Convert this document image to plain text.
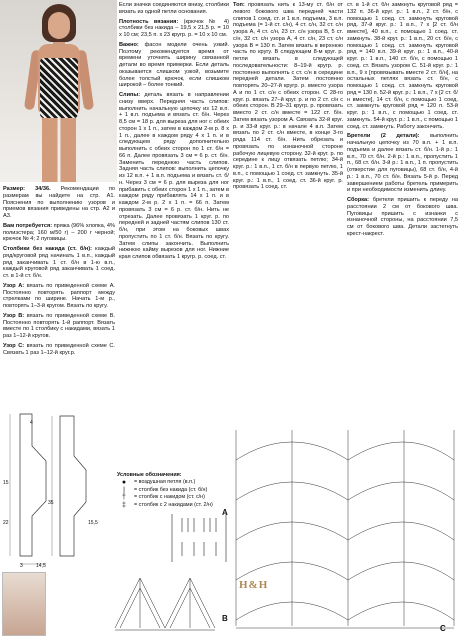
Размер: 34/36. Рекомендации по размерам вы найдете на стр. А1. Пояснения по выполнению узоров и приемов вязания приведены на стр. А2 и А3.

Вам потребуется: пряжа (96% хлопка, 4% полиэстера; 160 м/50 г) – 200 г черной; крючок № 4; 2 пуговицы.

Столбики без накида (ст. б/н): каждый ряд/круговой ряд начинать 1 в.п., каждый ряд заканчивать 1 ст. б/н в 1-ю в.п., каждый круговой ряд заканчивать 1 соед. ст. в 1-й ст. б/н.

Узор А: вязать по приведенной схеме А. Постоянно повторять раппорт между стрелками по ширине. Начать 1-м р., повторять 1–3-й кругом. Вязать по кругу.

Узор В: вязать по приведенной схеме В. Постоянно повторять 1-й раппорт. Вязать вместе по 1 столбику с накидами, вязать 1 раз 1–12-й кругов.

Узор С: вязать по приведенной схеме С. Связать 1 раз 1–12-й круг.р.

Если значки соединяются внизу, столбики вязать из одной петли основания.

Плотность вязания: (крючок № 4) столбики без накида – 19,5 х 21,5 р. = 10 х 10 см; 23,5 п. х 23 кругр. р. = 10 х 10 см.

Важно: фасон модели очень узкий. Поэтому рекомендуется время от времени уточнять ширину связанной детали во время примерки. Если деталь оказывается слишком узкой, возьмите более толстый крючок, если слишком широкой – более тонкий.

Слипы: деталь вязать в направлении снизу вверх. Передняя часть слипов: выполнить начальную цепочку из 12 в.п. + 1 в.п. подъема и вязать ст. б/н. Через 8,5 см = 18 р. для выреза для ног с обеих сторон 1 х 1 п., затем в каждом 2-м р. 8 х 1 п., далее в каждом ряду 4 х 1 п. и в следующем ряду дополнительно выполнить с обеих сторон по 1 ст. б/н = 66 п. Далее провязать 3 см = 6 р. ст. б/н. Заменить переднюю часть слипов. Задняя часть слипов: выполнить цепочку из 12 в.п. + 1 в.п. подъема и вязать ст. б/н. Через 3 см = 6 р. для выреза для ног прибавить с обеих сторон 1 х 1 п., затем в каждом ряду прибавлять 14 х 1 п. и в каждом 2-м р. 2 х 1 п. = 66 п. Затем провязать 3 см = 6 р. ст. б/н. Нить не отрезать. Далее провязать 1 круг. р. по передней и задней частям слипов 130 ст. б/н, при этом на боковых швах пропустить по 1 ст. б/н. Вязать по кругу. Затем слипы закончить. Выполнить нижнюю кайму вырезов для ног. Нижние края слипов обвязать 1 кругр. р. соед. ст.

Топ: провязать нить к 13-му ст. б/н от левого бокового шва передней части слипов 1 соед. ст. и 1 в.п. подъема, 3 в.п. подъема (= 1-й ст. с/н), 4 ст. с/н, 32 ст. с/н узора А, 4 ст. с/н, 23 ст. с/н узора В, 5 ст. с/н, 32 ст. с/н узора А, 4 ст. с/н, 23 ст. с/н узора В = 130 п. Затем вязать в верхнюю часть по кругу. В следующем 8-м круг. р. петли вязать в следующей последовательности: 8–19-й кругр. р. постоянно выполнять с ст. с/н в середине передней детали. Затем постоянно повторять 20–27-й кругр. р. вместо узора А и по 1 ст. с/н с обеих сторон. С 28-го круг. р. вязать 27–й круг. р. и по 2 ст. с/н с обеих сторон. В 29–31 кругр. р. провязать вместо 2 ст. с/н вместе = 122 ст. б/н. Затем вязать узором А. Связать 32-й круг. р. и 33-й круг. р.: в начале 4 в.п. Затем вязать по 2 ст. с/н вместе, в конце 3-го ряда 114 ст. б/н. Нить обрезать и провязать по изнаночной стороне рабочую лицевую сторону. 32-й круг. р. по середине к лицу отвязать петлю; 34-й круг. р.: 1 в.п., 1 ст. б/н в первую петлю, 1 в.п., с помощью 1 соед. ст. замкнуть. 35-й круг. р.: 1 в.п., 1 соед. ст. 36-й круг. р. провязать 1 соед. ст.

ст. в 1-й ст. б/н замкнуть круговой ряд = 132 п. 36-й круг. р.: 1 в.п., 2 ст. б/н, с помощью 1 соед. ст. замкнуть круговой ряд. 37-й круг. р.: 1 в.п., 7 х [2 ст. б/н вместе], 40 в.п., с помощью 1 соед. ст. замкнуть. 38-й круг. р.: 1 в.п., 20 ст. б/н, с помощью 1 соед. ст. замкнуть круговой ряд = 140 в.п. 39-й круг. р.: 1 в.п., 40-й круг. р.: 1 в.п., 140 ст. б/н, с помощью 1 соед. ст. Вязать узором С. 51-й круг. р.: 1 в.п., 9 х [провязывать вместе 2 ст. б/н], на остальных петлях вязать ст. б/н, с помощью 1 соед. ст. замкнуть круговой ряд = 130 п. 52-й круг. р.: 1 в.п., 7 х [2 ст. б/н вместе], 14 ст. б/н, с помощью 1 соед. ст. замкнуть круговой ряд = 120 п. 53-й круг. р.: 1 в.п., с помощью 1 соед. ст. замкнуть. 54-й круг. р.: 1 в.п., с помощью 1 соед. ст. замкнуть. Работу закончить.

Бретели (2 детали): выполнить начальную цепочку из 70 в.п. + 1 в.п. подъема и далее вязать ст. б/н. 1-й р.: 1 в.п., 70 ст. б/н. 2-й р.: 1 в.п., пропустить 1 п., 68 ст. б/н. 3-й р.: 1 в.п., 1 п. пропустить (отверстие для пуговицы), 68 ст. б/н, 4-й р.: 1 в.п., 70 ст. б/н. Вязать 5-й р. Перед завершением работы бретель примерить и при необходимости изменить длину.

Сборка: бретели пришить к переду на расстоянии 2 см от бокового шва. Пуговицы пришить с изнанки с изнаночной стороны, на расстоянии 7,5 см от бокового шва. Детали застегнуть крест-накрест.

4
15
22	15,5
35
3	14,5
Условные обозначения:
●	= воздушная петля (в.п.)
|	= столбик без накида (ст. б/н)
†	= столбик с накидом (ст. с/н)
‡	= столбик с 2 накидами (ст. 2/н)
A
B
C
H&H
